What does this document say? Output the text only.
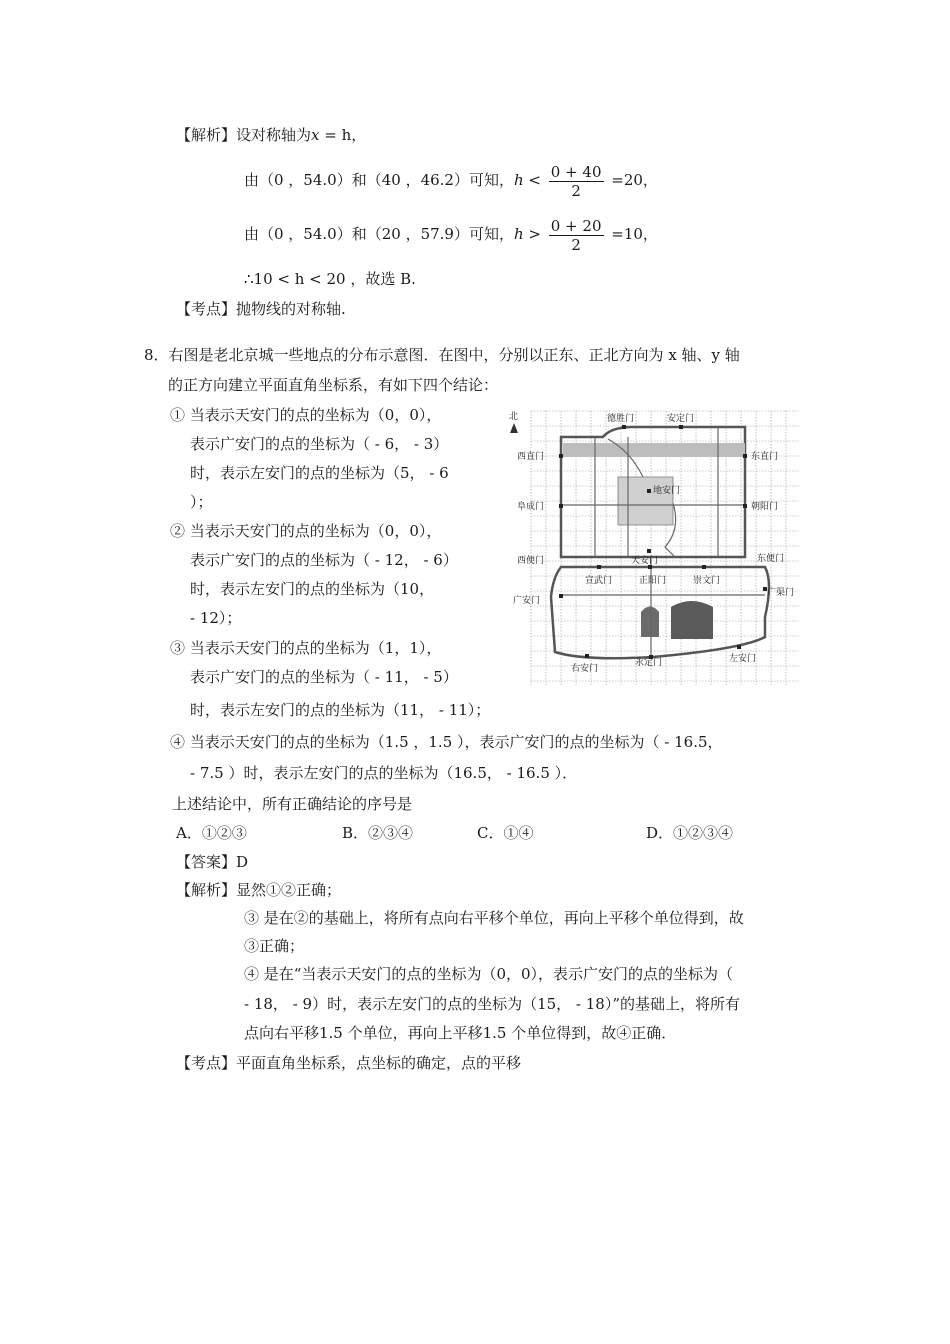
【解析】设对称轴为x = h，
由（0 ，54.0）和（40 ，46.2）可知，$h < \frac{0 + 40}{2} =20$，
由（0 ，54.0）和（20 ，57.9）可知，$h > \frac{0 + 20}{2} =10$，
∴10 < h < 20 ，故选 B.
【考点】抛物线的对称轴.
8．右图是老北京城一些地点的分布示意图．在图中，分别以正东、正北方向为 x 轴、y 轴
的正方向建立平面直角坐标系，有如下四个结论：
① 当表示天安门的点的坐标为（0，0），
表示广安门的点的坐标为（ - 6， - 3）
时，表示左安门的点的坐标为（5， - 6
）；
② 当表示天安门的点的坐标为（0，0），
表示广安门的点的坐标为（ - 12， - 6）
时，表示左安门的点的坐标为（10，
- 12）；
③ 当表示天安门的点的坐标为（1，1），
表示广安门的点的坐标为（ - 11， - 5）
时，表示左安门的点的坐标为（11， - 11）；
④ 当表示天安门的点的坐标为（1.5 ，1.5 ），表示广安门的点的坐标为（ - 16.5，
- 7.5 ）时，表示左安门的点的坐标为（16.5， - 16.5 ）．
上述结论中，所有正确结论的序号是
A．①②③	B．②③④	C．①④	D．①②③④
【答案】D
【解析】显然①②正确；
③ 是在②的基础上，将所有点向右平移个单位，再向上平移个单位得到，故
③正确；
④ 是在“当表示天安门的点的坐标为（0，0），表示广安门的点的坐标为（
- 18， - 9）时，表示左安门的点的坐标为（15， - 18）”的基础上，将所有
点向右平移1.5 个单位，再向上平移1.5 个单位得到，故④正确．
【考点】平面直角坐标系，点坐标的确定，点的平移
北	德胜门	安定门
西直门	东直门
地安门
阜成门	朝阳门
西便门	天安门	东便门
宣武门	正阳门	崇文门
广安门
广渠门
右安门
永定门	左安门
